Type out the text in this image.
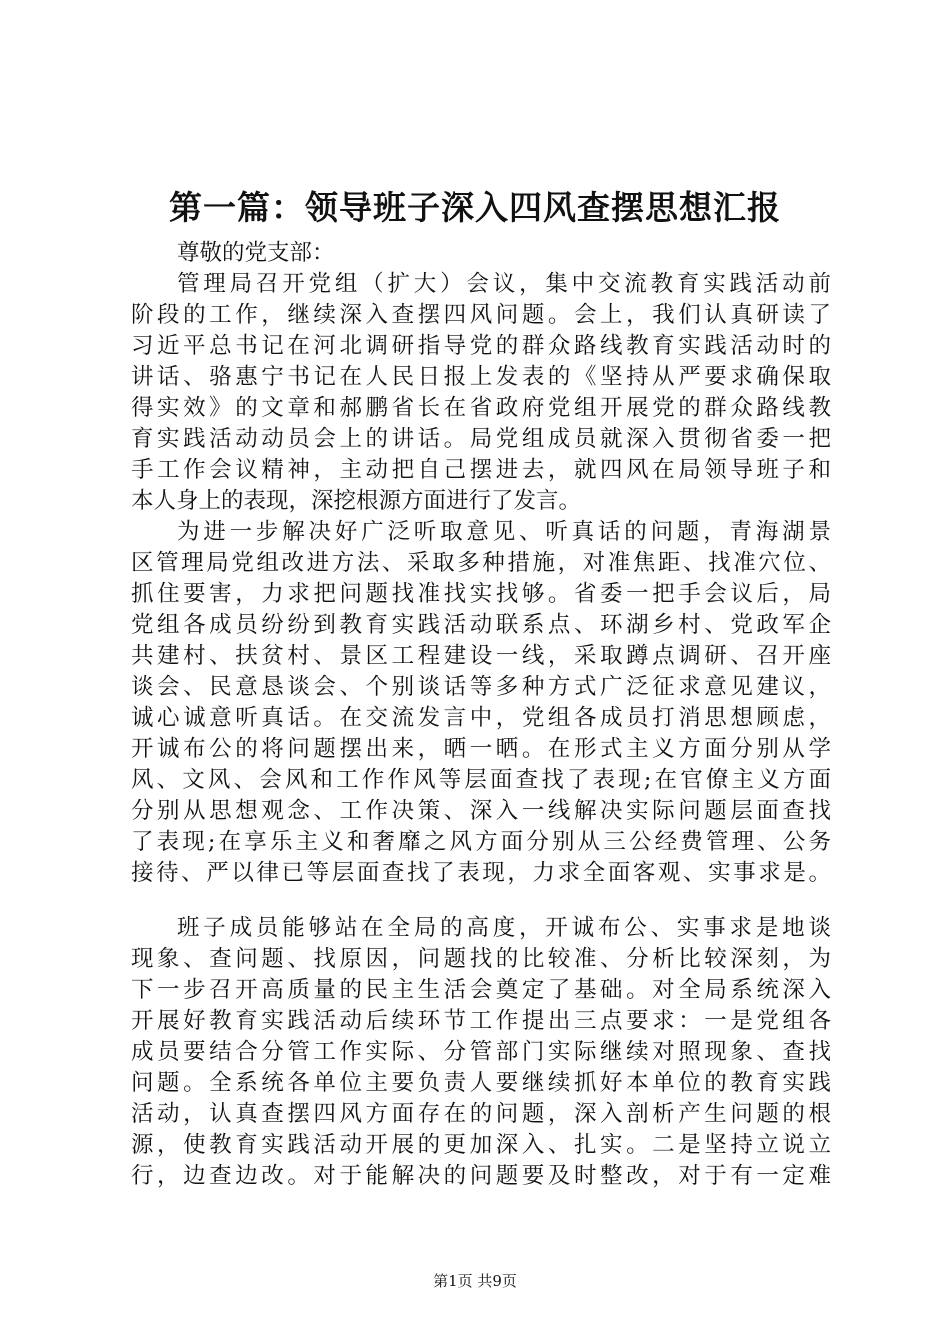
第一篇：领导班子深入四风查摆思想汇报
尊敬的党支部：
管理局召开党组（扩大）会议，集中交流教育实践活动前
阶段的工作，继续深入查摆四风问题。会上，我们认真研读了
习近平总书记在河北调研指导党的群众路线教育实践活动时的
讲话、骆惠宁书记在人民日报上发表的《坚持从严要求确保取
得实效》的文章和郝鹏省长在省政府党组开展党的群众路线教
育实践活动动员会上的讲话。局党组成员就深入贯彻省委一把
手工作会议精神，主动把自己摆进去，就四风在局领导班子和
本人身上的表现，深挖根源方面进行了发言。
为进一步解决好广泛听取意见、听真话的问题，青海湖景
区管理局党组改进方法、采取多种措施，对准焦距、找准穴位、
抓住要害，力求把问题找准找实找够。省委一把手会议后，局
党组各成员纷纷到教育实践活动联系点、环湖乡村、党政军企
共建村、扶贫村、景区工程建设一线，采取蹲点调研、召开座
谈会、民意恳谈会、个别谈话等多种方式广泛征求意见建议，
诚心诚意听真话。在交流发言中，党组各成员打消思想顾虑，
开诚布公的将问题摆出来，晒一晒。在形式主义方面分别从学
风、文风、会风和工作作风等层面查找了表现;在官僚主义方面
分别从思想观念、工作决策、深入一线解决实际问题层面查找
了表现;在享乐主义和奢靡之风方面分别从三公经费管理、公务
接待、严以律已等层面查找了表现，力求全面客观、实事求是。
班子成员能够站在全局的高度，开诚布公、实事求是地谈
现象、查问题、找原因，问题找的比较准、分析比较深刻，为
下一步召开高质量的民主生活会奠定了基础。对全局系统深入
开展好教育实践活动后续环节工作提出三点要求：一是党组各
成员要结合分管工作实际、分管部门实际继续对照现象、查找
问题。全系统各单位主要负责人要继续抓好本单位的教育实践
活动，认真查摆四风方面存在的问题，深入剖析产生问题的根
源，使教育实践活动开展的更加深入、扎实。二是坚持立说立
行，边查边改。对于能解决的问题要及时整改，对于有一定难
第1页 共9页
